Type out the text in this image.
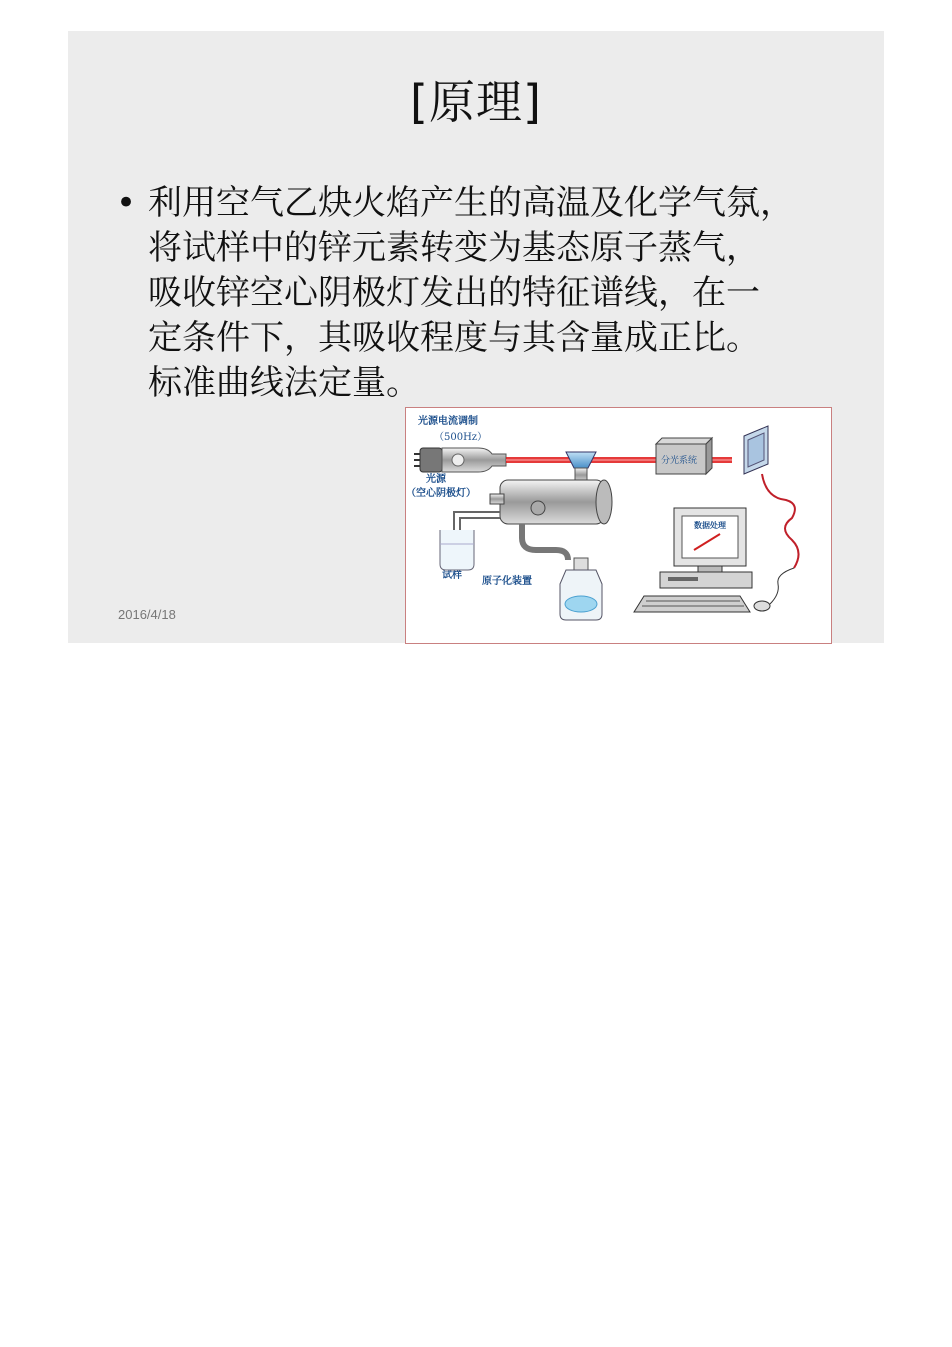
[原理]
• 利用空气乙炔火焰产生的高温及化学气氛，
将试样中的锌元素转变为基态原子蒸气，
吸收锌空心阴极灯发出的特征谱线，在一
定条件下，其吸收程度与其含量成正比。
标准曲线法定量。

2016/4/18
光源电流调制
（500Hz）
光源
（空心阴极灯）
试样
原子化装置
分光系统
数据处理
